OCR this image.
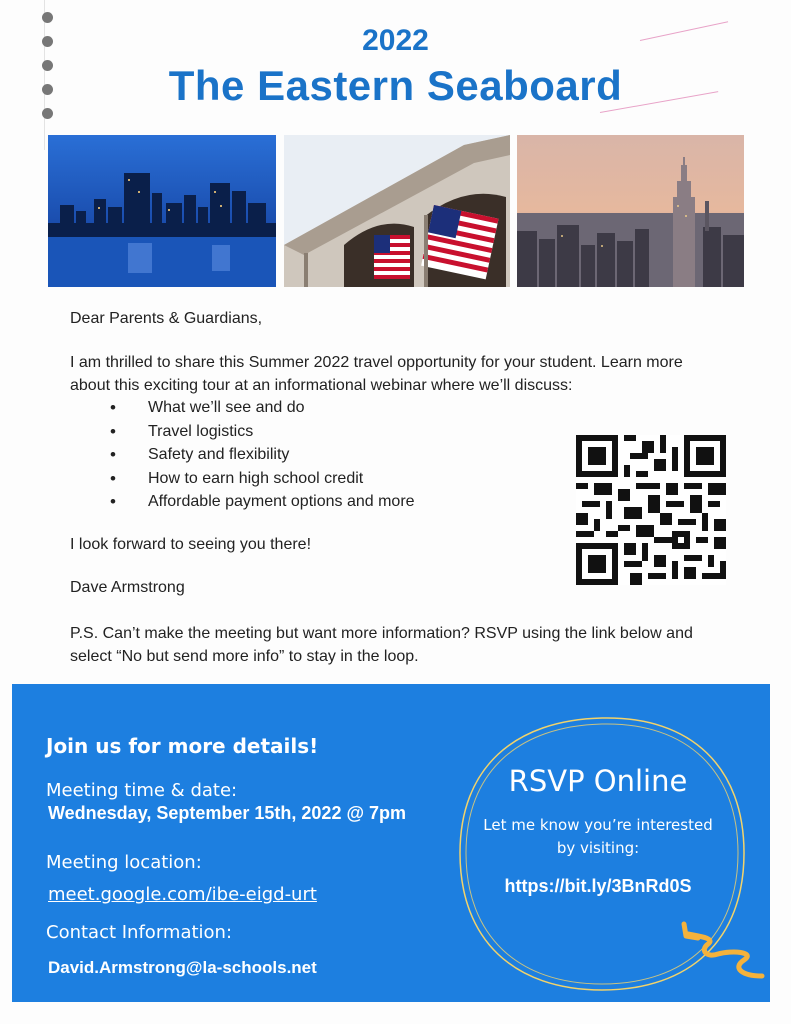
2022
The Eastern Seaboard
Dear Parents & Guardians,
I am thrilled to share this Summer 2022 travel opportunity for your student. Learn more about this exciting tour at an informational webinar where we’ll discuss:
• What we’ll see and do
• Travel logistics
• Safety and flexibility
• How to earn high school credit
• Affordable payment options and more
I look forward to seeing you there!
Dave Armstrong
P.S. Can’t make the meeting but want more information? RSVP using the link below and select “No but send more info” to stay in the loop.
Join us for more details!
Meeting time & date:
Wednesday, September 15th, 2022 @ 7pm
Meeting location:
meet.google.com/ibe-eigd-urt
Contact Information:
David.Armstrong@la-schools.net
RSVP Online
Let me know you’re interested by visiting:
https://bit.ly/3BnRd0S
